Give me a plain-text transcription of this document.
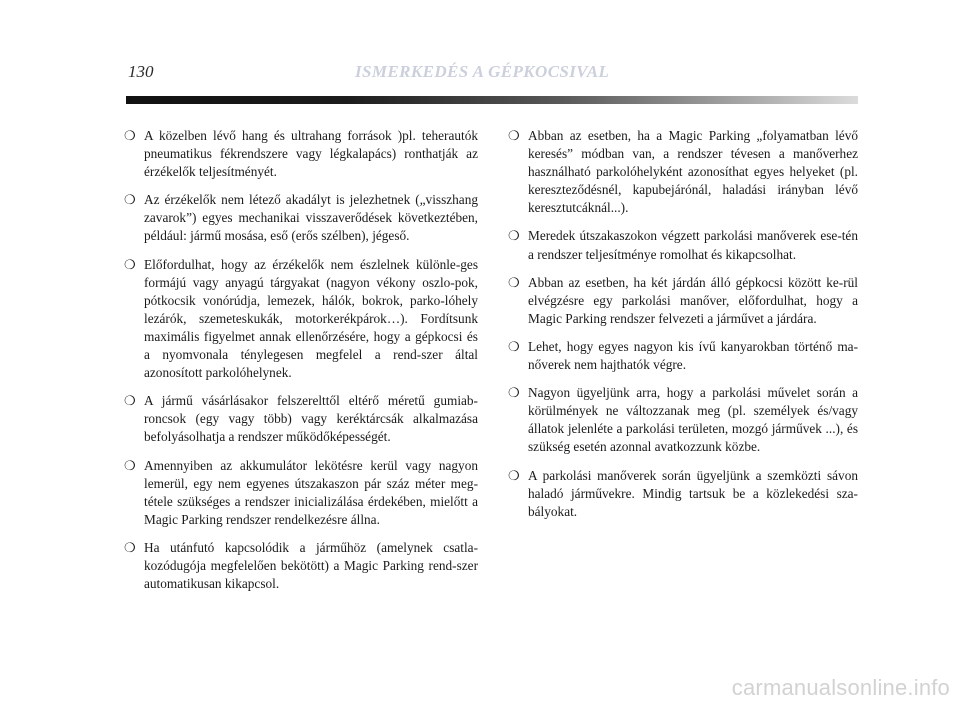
130	ISMERKEDÉS A GÉPKOCSIVAL
❍ A közelben lévő hang és ultrahang források )pl. teherautók pneumatikus fékrendszere vagy légkalapács) ronthatják az érzékelők teljesítményét.
❍ Az érzékelők nem létező akadályt is jelezhetnek („visszhang zavarok”) egyes mechanikai visszaverődések következtében, például: jármű mosása, eső (erős szélben), jégeső.
❍ Előfordulhat, hogy az érzékelők nem észlelnek különle-ges formájú vagy anyagú tárgyakat (nagyon vékony oszlo-pok, pótkocsik vonórúdja, lemezek, hálók, bokrok, parko-lóhely lezárók, szemeteskukák, motorkerékpárok…). Fordítsunk maximális figyelmet annak ellenőrzésére, hogy a gépkocsi és a nyomvonala ténylegesen megfelel a rend-szer által azonosított parkolóhelynek.
❍ A jármű vásárlásakor felszerelttől eltérő méretű gumiab-roncsok (egy vagy több) vagy keréktárcsák alkalmazása befolyásolhatja a rendszer működőképességét.
❍ Amennyiben az akkumulátor lekötésre kerül vagy nagyon lemerül, egy nem egyenes útszakaszon pár száz méter meg-tétele szükséges a rendszer inicializálása érdekében, mielőtt a Magic Parking rendszer rendelkezésre állna.
❍ Ha utánfutó kapcsolódik a járműhöz (amelynek csatla-kozódugója megfelelően bekötött) a Magic Parking rend-szer automatikusan kikapcsol.
❍ Abban az esetben, ha a Magic Parking „folyamatban lévő keresés” módban van, a rendszer tévesen a manőverhez használható parkolóhelyként azonosíthat egyes helyeket (pl. kereszteződésnél, kapubejárónál, haladási irányban lévő keresztutcáknál...).
❍ Meredek útszakaszokon végzett parkolási manőverek ese-tén a rendszer teljesítménye romolhat és kikapcsolhat.
❍ Abban az esetben, ha két járdán álló gépkocsi között ke-rül elvégzésre egy parkolási manőver, előfordulhat, hogy a Magic Parking rendszer felvezeti a járművet a járdára.
❍ Lehet, hogy egyes nagyon kis ívű kanyarokban történő ma-nőverek nem hajthatók végre.
❍ Nagyon ügyeljünk arra, hogy a parkolási művelet során a körülmények ne változzanak meg (pl. személyek és/vagy állatok jelenléte a parkolási területen, mozgó járművek ...), és szükség esetén azonnal avatkozzunk közbe.
❍ A parkolási manőverek során ügyeljünk a szemközti sávon haladó járművekre. Mindig tartsuk be a közlekedési sza-bályokat.
carmanualsonline.info
